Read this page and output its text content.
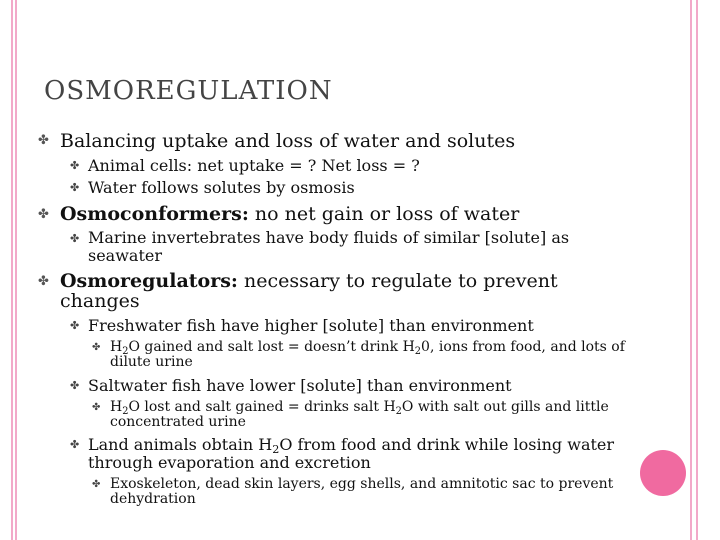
OSMOREGULATION
✤ Balancing uptake and loss of water and solutes
✤ Animal cells: net uptake = ? Net loss = ?
✤ Water follows solutes by osmosis
✤ Osmoconformers: no net gain or loss of water
✤ Marine invertebrates have body fluids of similar [solute] as seawater
✤ Osmoregulators: necessary to regulate to prevent changes
✤ Freshwater fish have higher [solute] than environment
✤ $H_2O$ gained and salt lost = doesn’t drink $H_20$, ions from food, and lots of dilute urine
✤ Saltwater fish have lower [solute] than environment
✤ $H_2O$ lost and salt gained = drinks salt $H_2O$ with salt out gills and little concentrated urine
✤ Land animals obtain $H_2O$ from food and drink while losing water through evaporation and excretion
✤ Exoskeleton, dead skin layers, egg shells, and amnitotic sac to prevent dehydration
